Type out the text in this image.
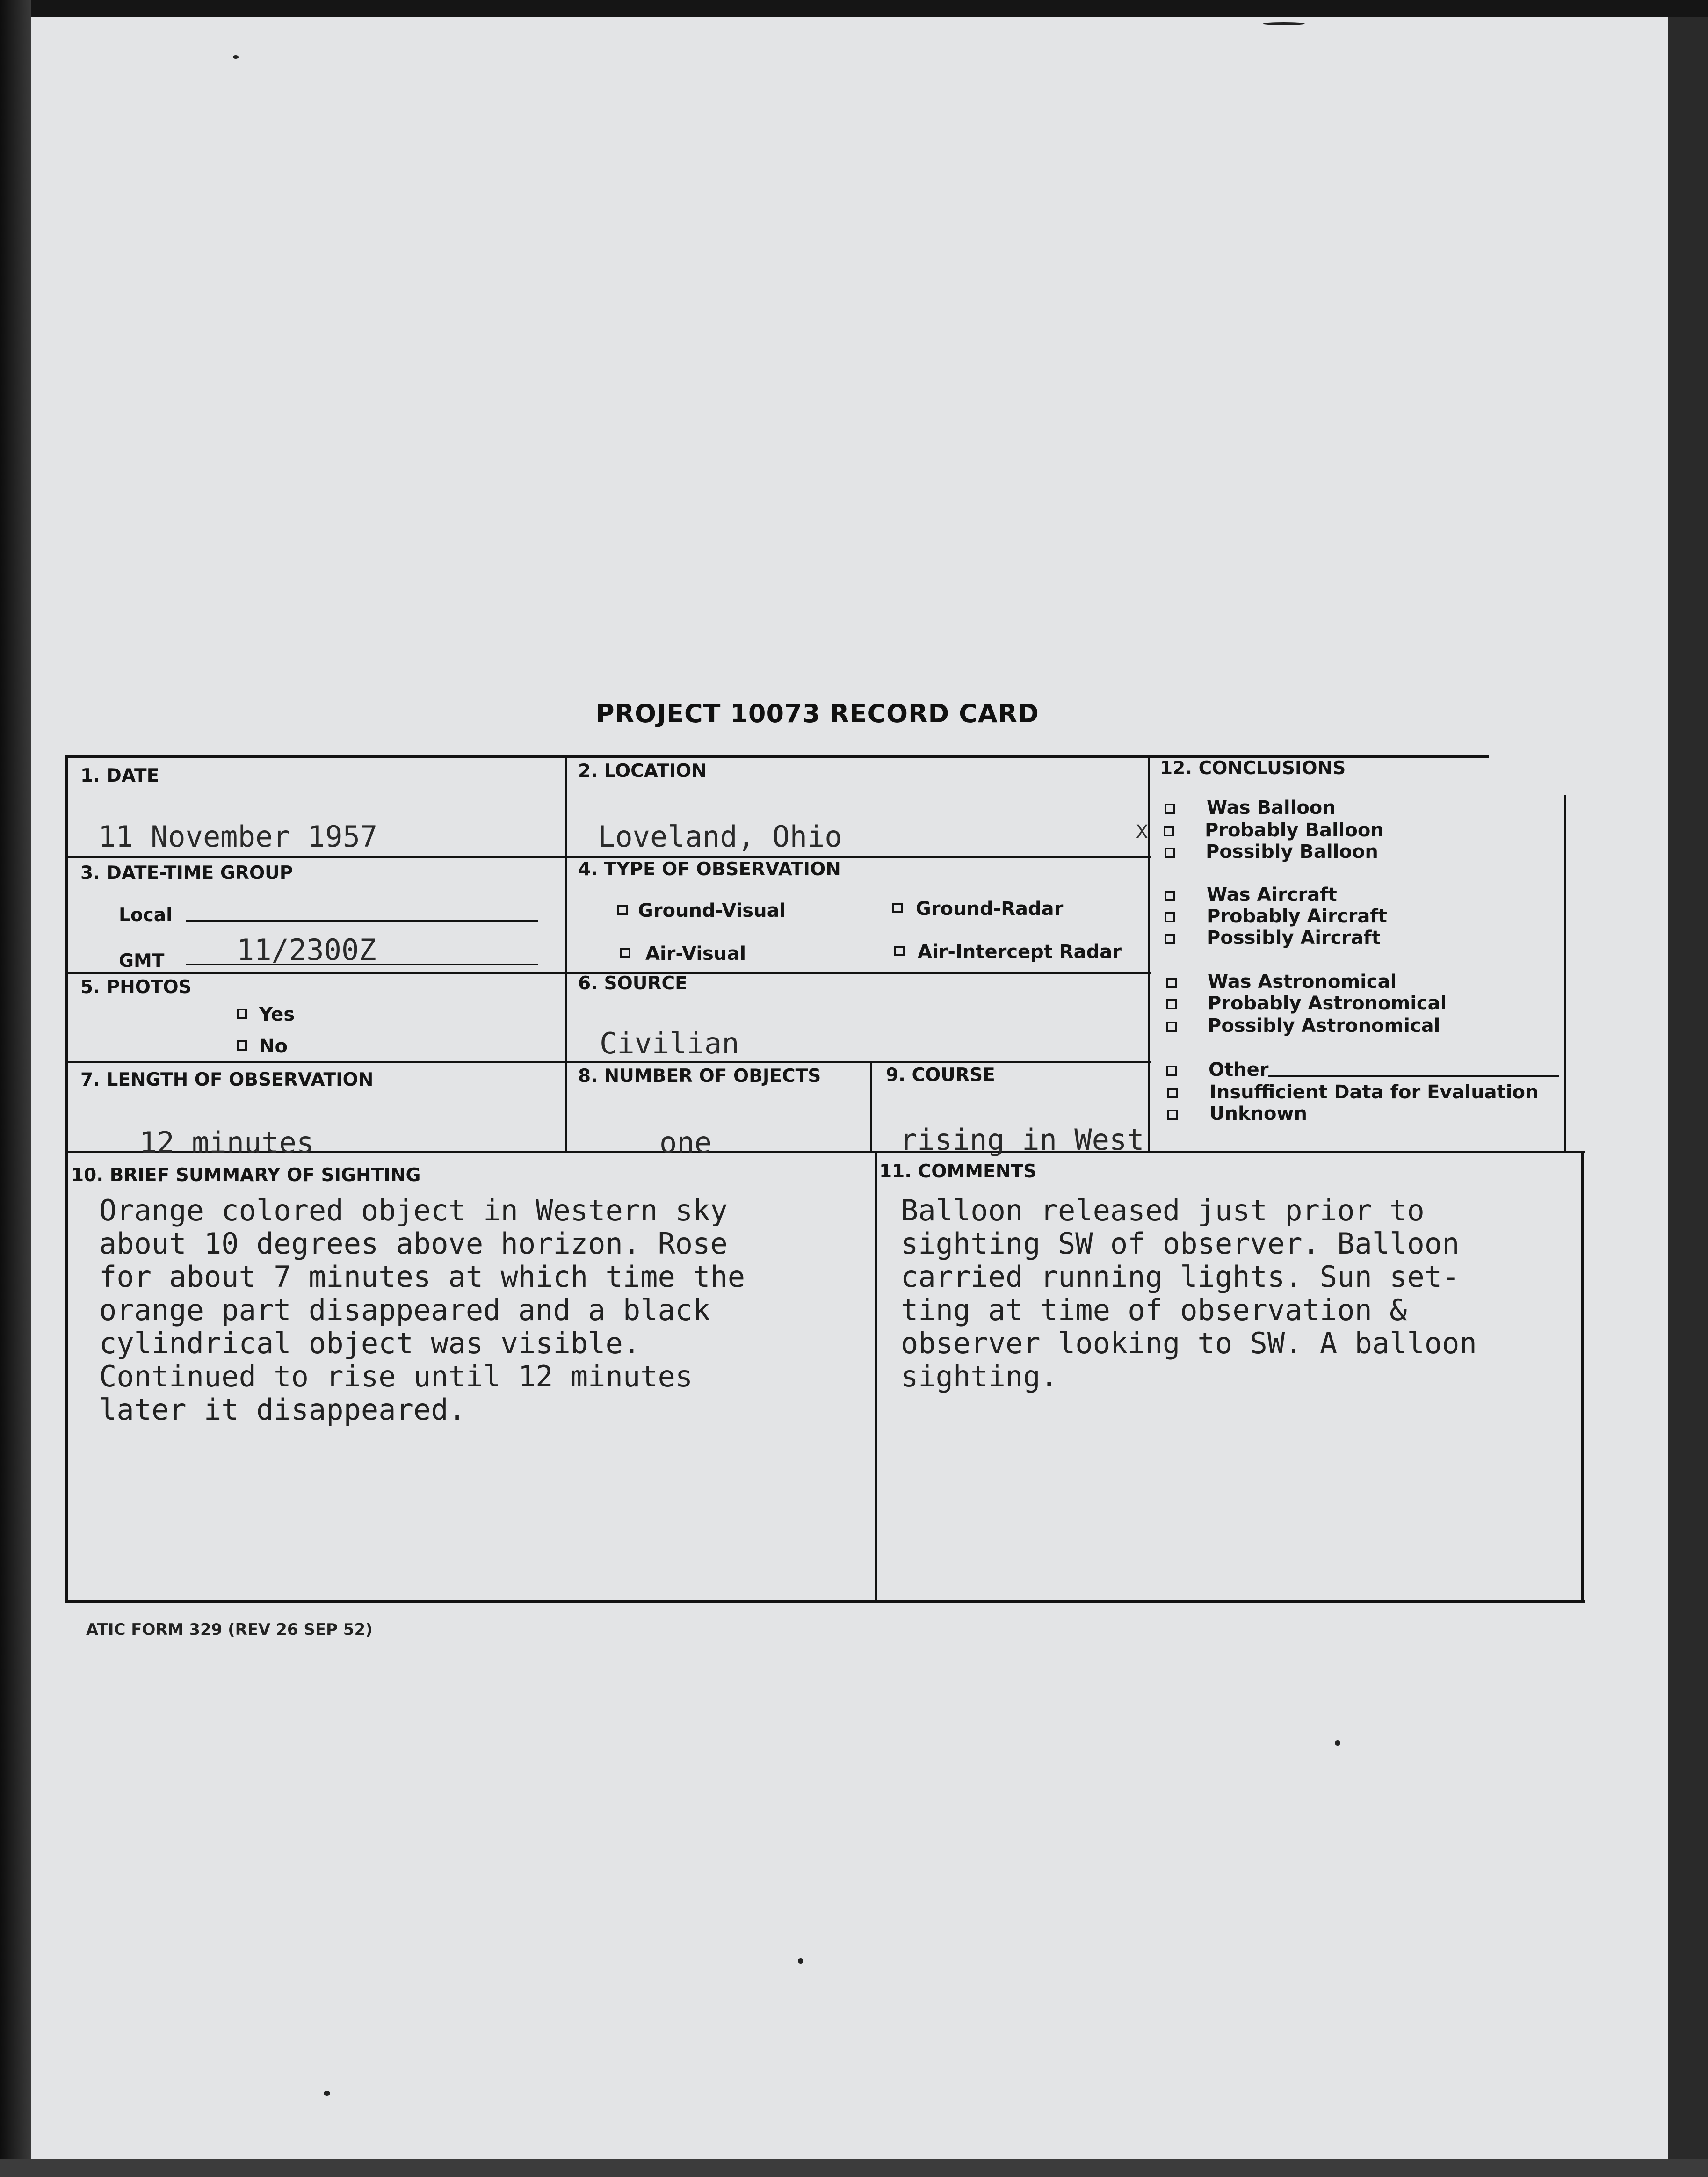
PROJECT 10073 RECORD CARD
1. DATE
11 November 1957
2. LOCATION
Loveland, Ohio
3. DATE-TIME GROUP
Local
GMT 11/2300Z
4. TYPE OF OBSERVATION
Ground-Visual	Ground-Radar
Air-Visual	Air-Intercept Radar
5. PHOTOS
Yes
No
6. SOURCE
Civilian
7. LENGTH OF OBSERVATION
12 minutes
8. NUMBER OF OBJECTS
one
9. COURSE
rising in West
10. BRIEF SUMMARY OF SIGHTING
Orange colored object in Western sky
about 10 degrees above horizon. Rose
for about 7 minutes at which time the
orange part disappeared and a black
cylindrical object was visible.
Continued to rise until 12 minutes
later it disappeared.
11. COMMENTS
Balloon released just prior to
sighting SW of observer. Balloon
carried running lights. Sun set-
ting at time of observation &
observer looking to SW. A balloon
sighting.
12. CONCLUSIONS
Was Balloon
X	Probably Balloon
Possibly Balloon
Was Aircraft
Probably Aircraft
Possibly Aircraft
Was Astronomical
Probably Astronomical
Possibly Astronomical
Other
Insufficient Data for Evaluation
Unknown
ATIC FORM 329 (REV 26 SEP 52)
